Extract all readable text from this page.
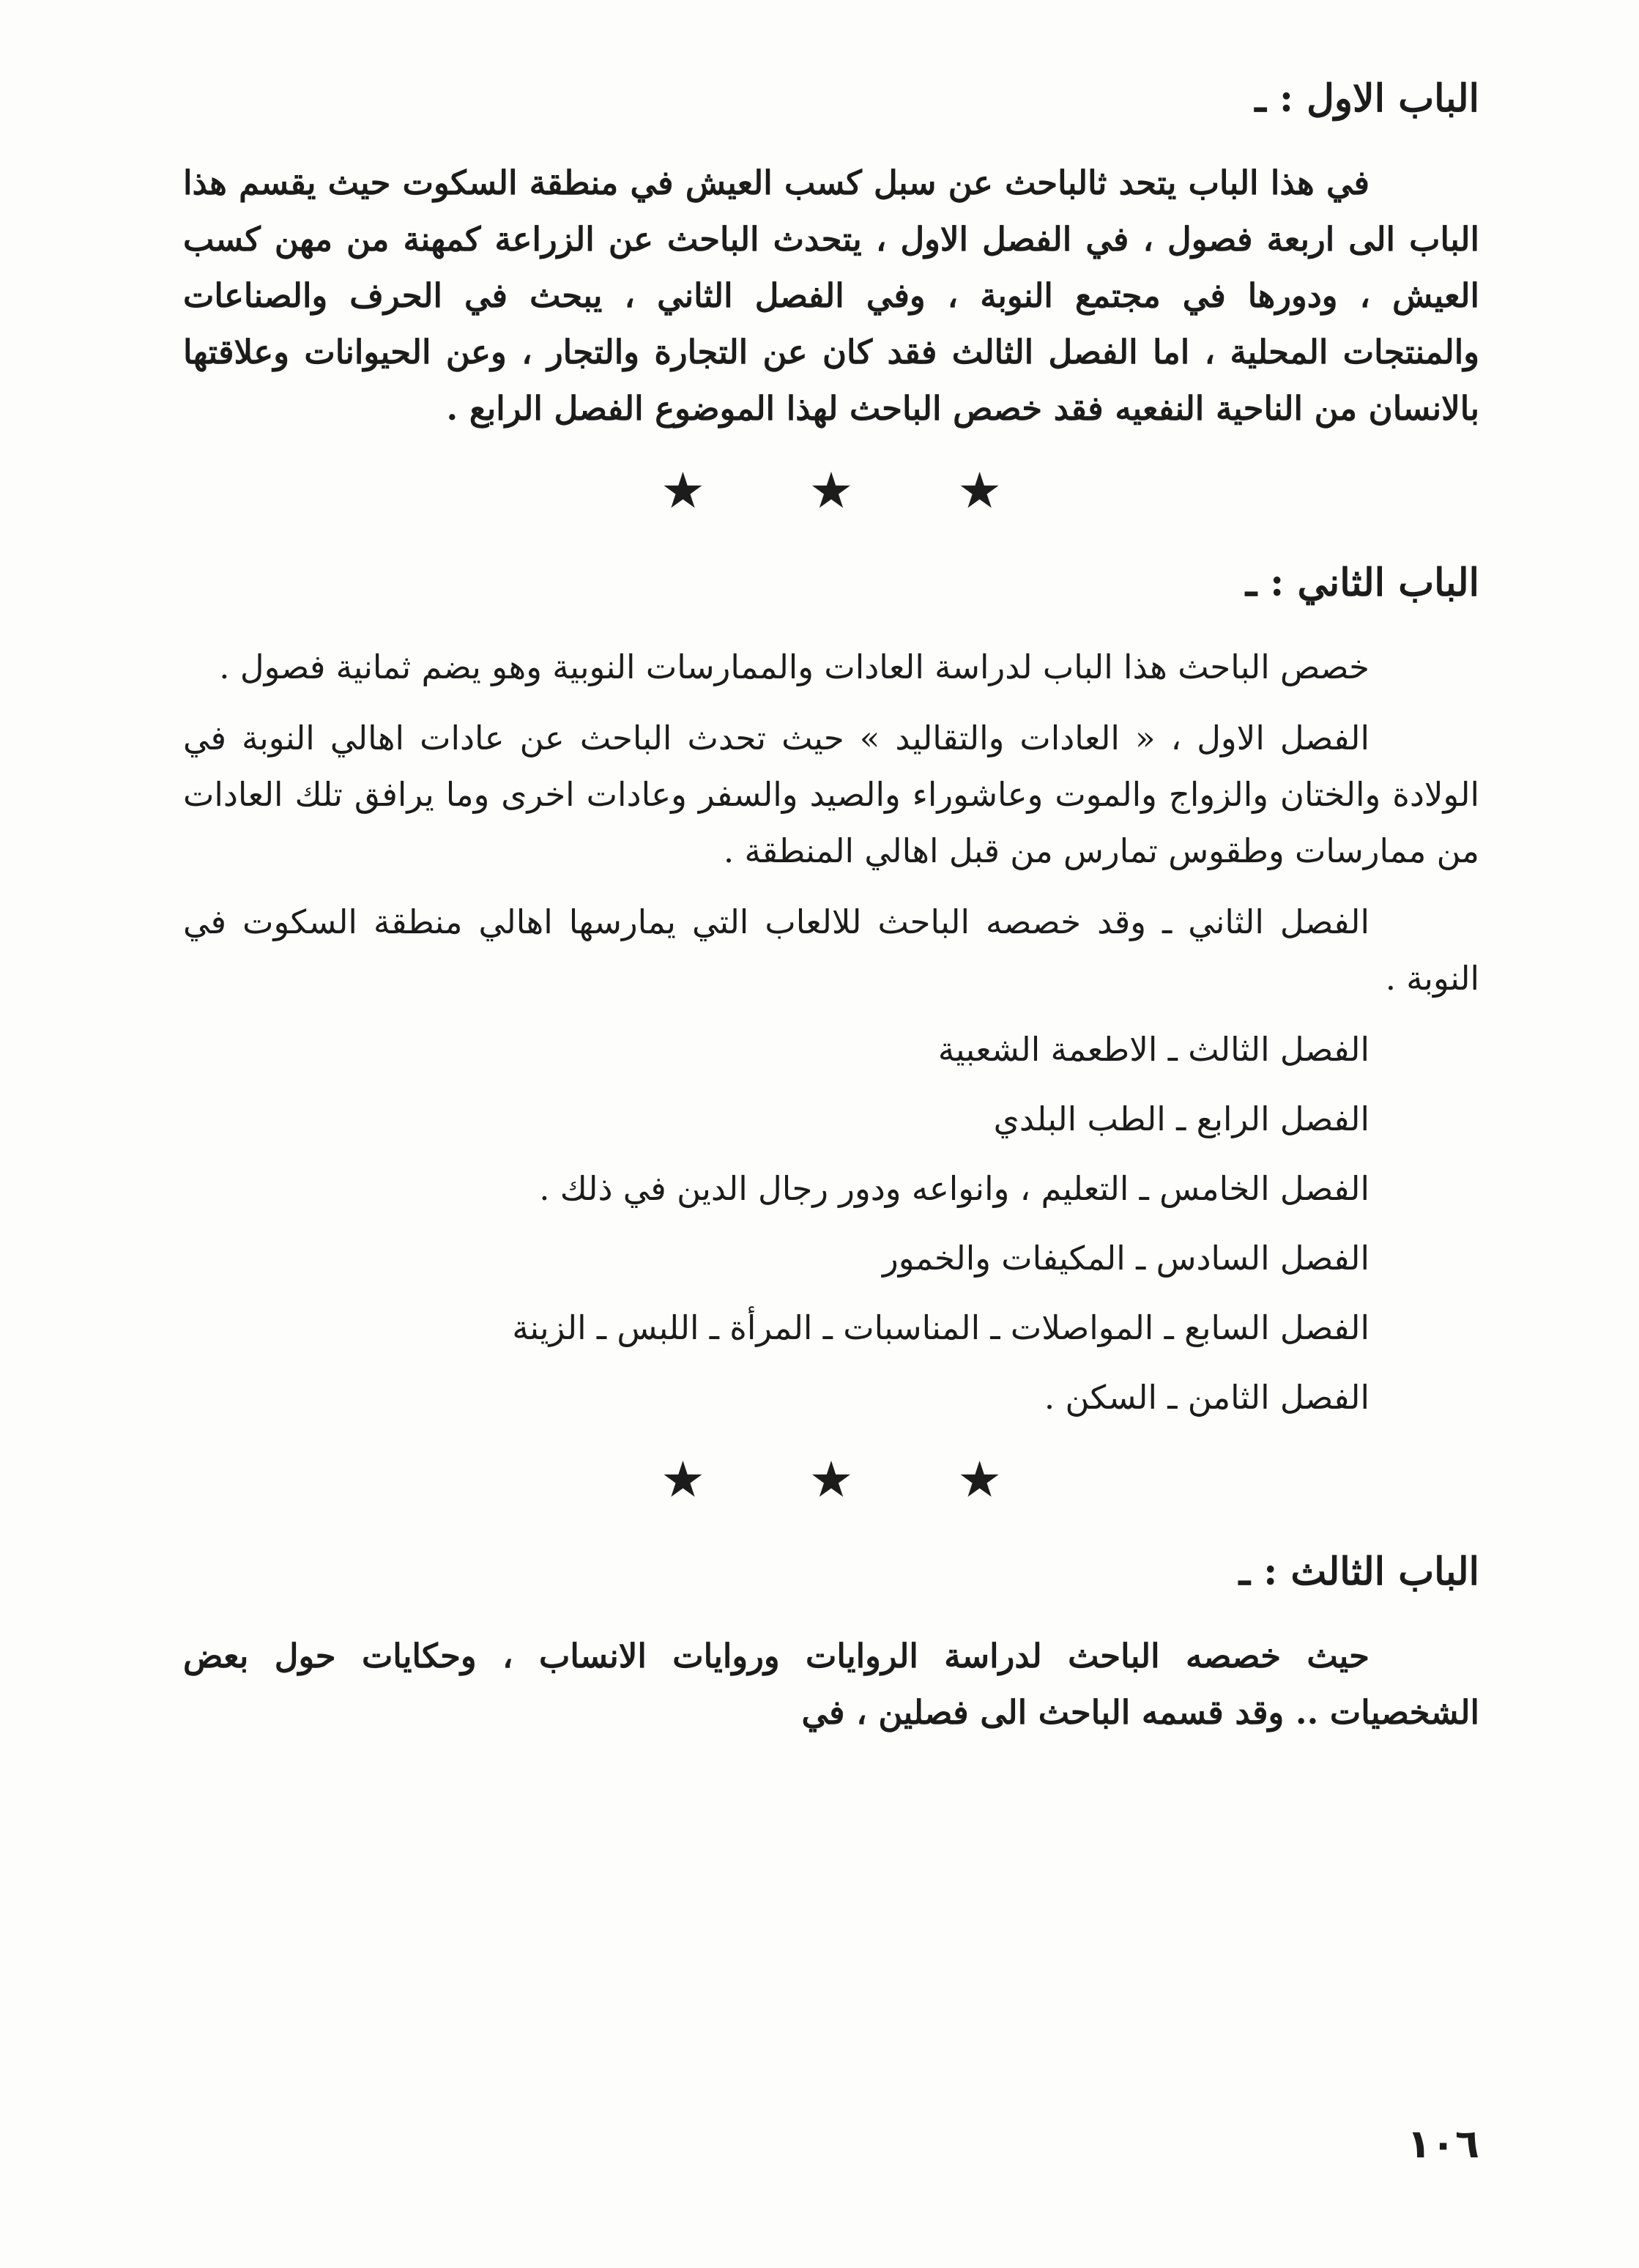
الباب الاول : ـ

في هذا الباب يتحد ثالباحث عن سبل كسب العيش في منطقة السكوت حيث يقسم هذا الباب الى اربعة فصول ، في الفصل الاول ، يتحدث الباحث عن الزراعة كمهنة من مهن كسب العيش ، ودورها في مجتمع النوبة ، وفي الفصل الثاني ، يبحث في الحرف والصناعات والمنتجات المحلية ، اما الفصل الثالث فقد كان عن التجارة والتجار ، وعن الحيوانات وعلاقتها بالانسان من الناحية النفعيه فقد خصص الباحث لهذا الموضوع الفصل الرابع .

★ ★ ★
الباب الثاني : ـ

خصص الباحث هذا الباب لدراسة العادات والممارسات النوبية وهو يضم ثمانية فصول .

الفصل الاول ، « العادات والتقاليد » حيث تحدث الباحث عن عادات اهالي النوبة في الولادة والختان والزواج والموت وعاشوراء والصيد والسفر وعادات اخرى وما يرافق تلك العادات من ممارسات وطقوس تمارس من قبل اهالي المنطقة .

الفصل الثاني ـ وقد خصصه الباحث للالعاب التي يمارسها اهالي منطقة السكوت في النوبة .

الفصل الثالث ـ الاطعمة الشعبية
الفصل الرابع ـ الطب البلدي
الفصل الخامس ـ التعليم ، وانواعه ودور رجال الدين في ذلك .
الفصل السادس ـ المكيفات والخمور
الفصل السابع ـ المواصلات ـ المناسبات ـ المرأة ـ اللبس ـ الزينة
الفصل الثامن ـ السكن .
★ ★ ★
الباب الثالث : ـ

حيث خصصه الباحث لدراسة الروايات وروايات الانساب ، وحكايات حول بعض الشخصيات .. وقد قسمه الباحث الى فصلين ، في

١٠٦
